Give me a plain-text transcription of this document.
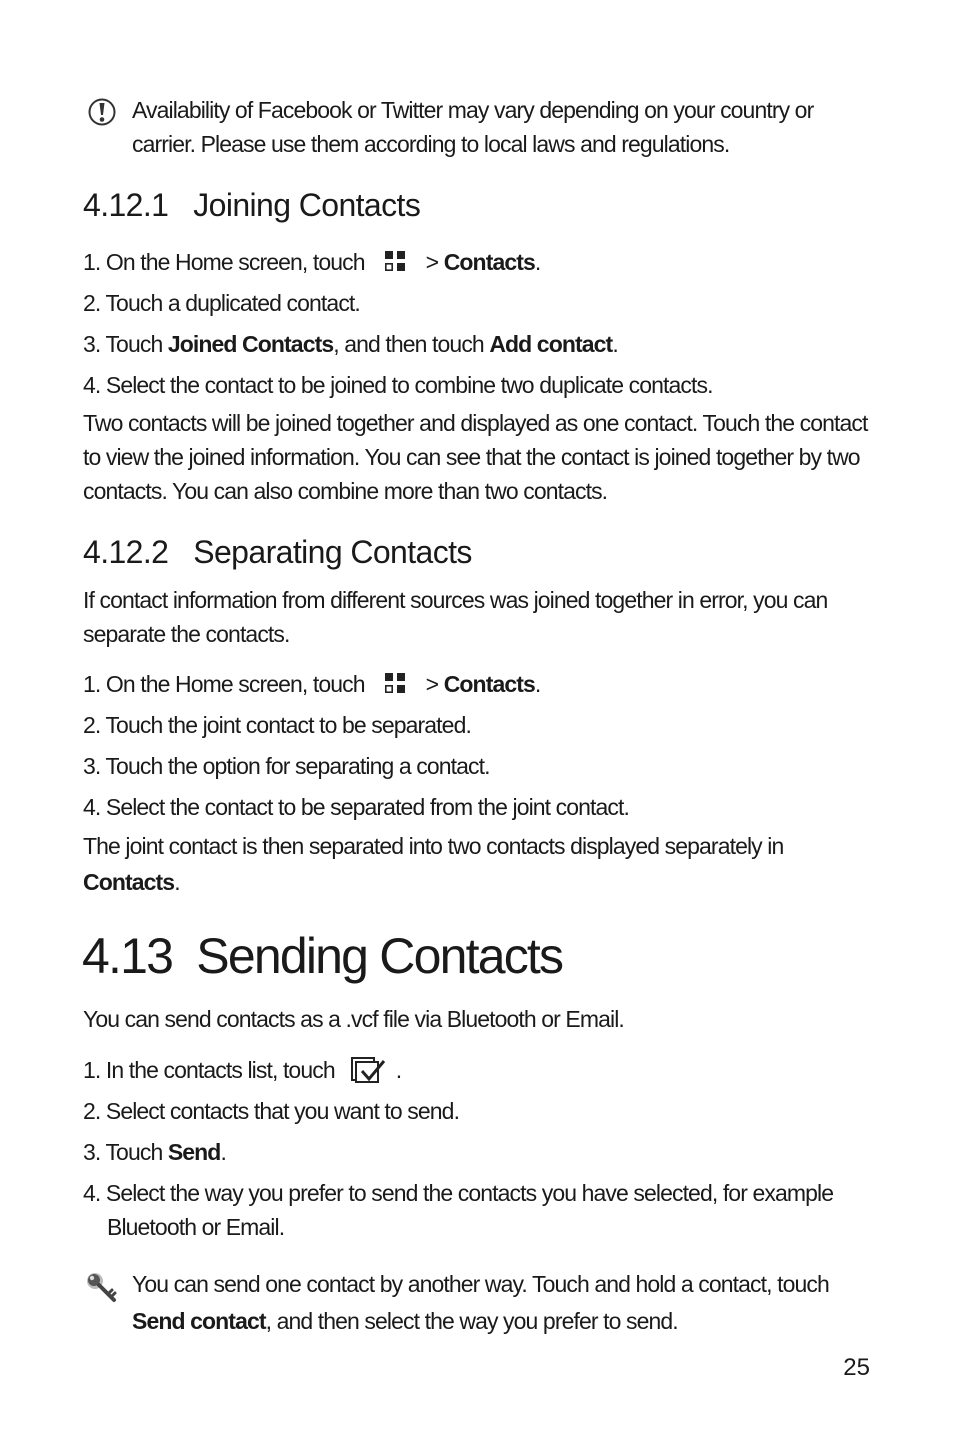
Availability of Facebook or Twitter may vary depending on your country or
carrier. Please use them according to local laws and regulations.
4.12.1   Joining Contacts
1. On the Home screen, touch	> Contacts.
2. Touch a duplicated contact.
3. Touch Joined Contacts, and then touch Add contact.
4. Select the contact to be joined to combine two duplicate contacts.
Two contacts will be joined together and displayed as one contact. Touch the contact
to view the joined information. You can see that the contact is joined together by two
contacts. You can also combine more than two contacts.
4.12.2   Separating Contacts
If contact information from different sources was joined together in error, you can
separate the contacts.
1. On the Home screen, touch	> Contacts.
2. Touch the joint contact to be separated.
3. Touch the option for separating a contact.
4. Select the contact to be separated from the joint contact.
The joint contact is then separated into two contacts displayed separately in
Contacts.
4.13  Sending Contacts
You can send contacts as a .vcf file via Bluetooth or Email.
1. In the contacts list, touch	.
2. Select contacts that you want to send.
3. Touch Send.
4. Select the way you prefer to send the contacts you have selected, for example
Bluetooth or Email.
You can send one contact by another way. Touch and hold a contact, touch
Send contact, and then select the way you prefer to send.
25
